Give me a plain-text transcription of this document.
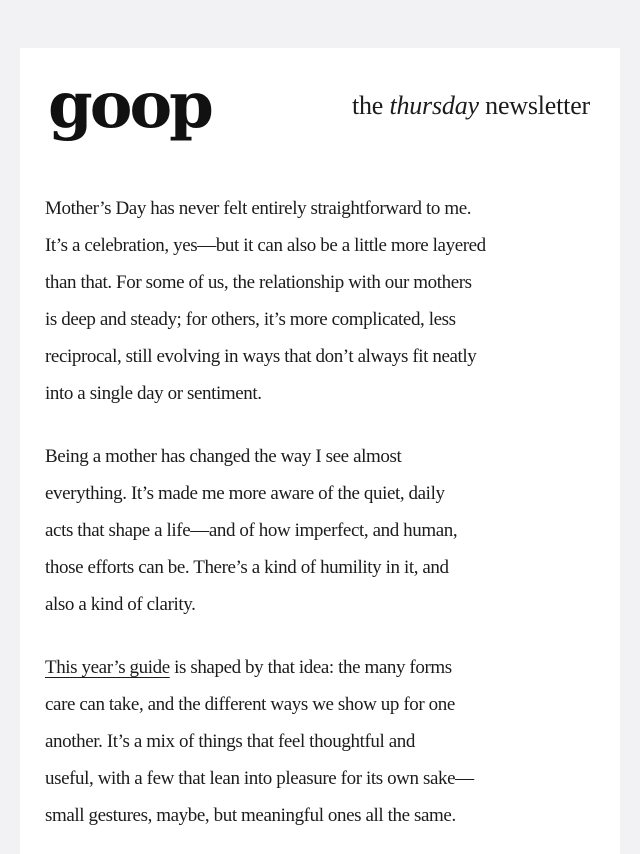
goop	the thursday newsletter
Mother’s Day has never felt entirely straightforward to me.
It’s a celebration, yes—but it can also be a little more layered
than that. For some of us, the relationship with our mothers
is deep and steady; for others, it’s more complicated, less
reciprocal, still evolving in ways that don’t always fit neatly
into a single day or sentiment.
Being a mother has changed the way I see almost
everything. It’s made me more aware of the quiet, daily
acts that shape a life—and of how imperfect, and human,
those efforts can be. There’s a kind of humility in it, and
also a kind of clarity.
This year’s guide is shaped by that idea: the many forms
care can take, and the different ways we show up for one
another. It’s a mix of things that feel thoughtful and
useful, with a few that lean into pleasure for its own sake—
small gestures, maybe, but meaningful ones all the same.
